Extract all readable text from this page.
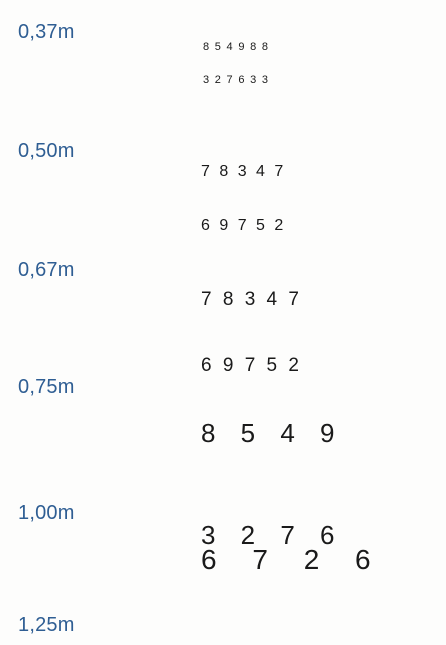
0,37m

8 5 4 9 8 8

3 2 7 6 3 3

0,50m

7 8 3 4 7

6 9 7 5 2

0,67m

7 8 3 4 7

6 9 7 5 2

0,75m

8 5 4 9

3 2 7 6

1,00m

6 7 2 6

1,25m
